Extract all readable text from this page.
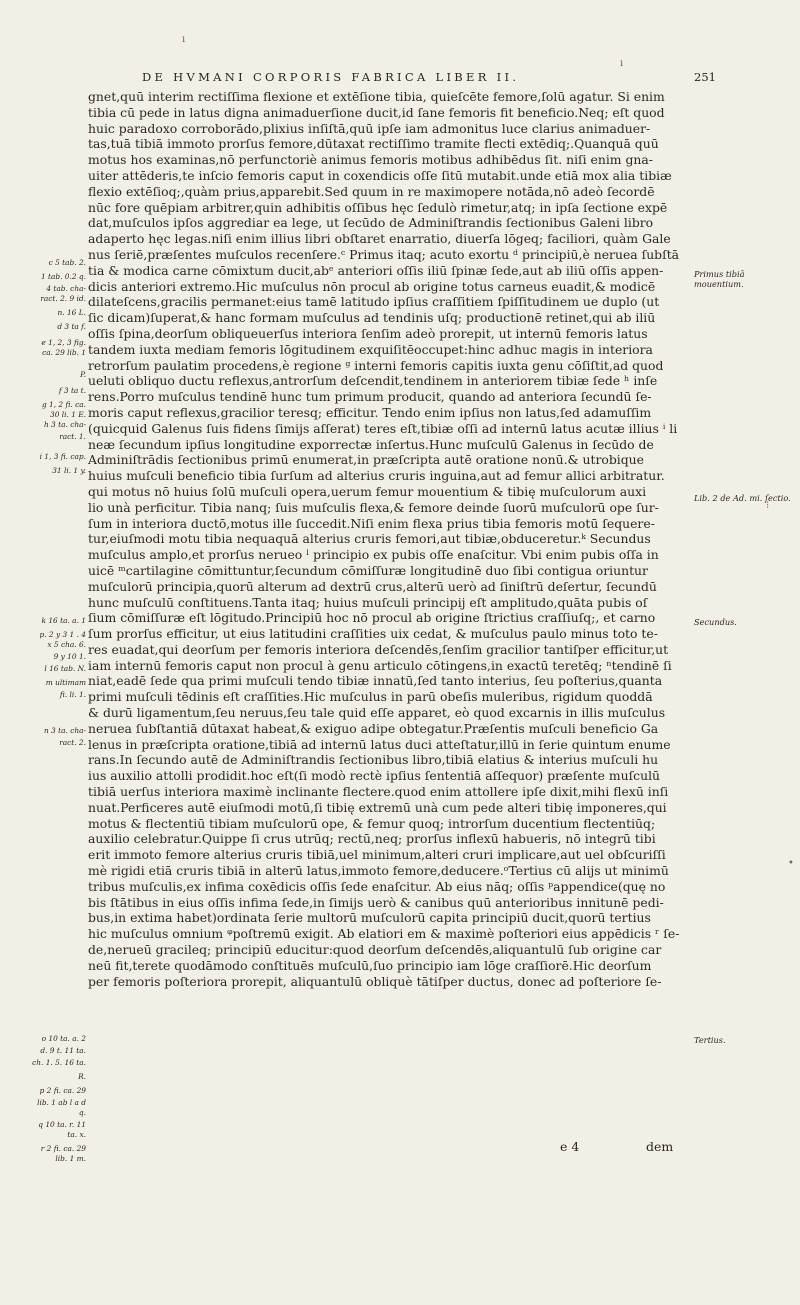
DE HVMANI CORPORIS FABRICA LIBER II.	251
ı
ı
gnet,quū interim rectiſſima flexione et extēſione tibia, quieſcēte femore,ſolū agatur. Si enim
tibia cū pede in latus digna animaduerſione ducit,id ſane femoris fit beneficio.Neq; eſt quod
huic paradoxo corroborādo,plixius inſiſtā,quū ipſe iam admonitus luce clarius animaduer-
tas,tuā tibiā immoto prorſus femore,dūtaxat rectiſſimo tramite flecti extēdiq;.Quanquā quū
motus hos examinas,nō perfunctoriè animus femoris motibus adhibēdus ſit. niſi enim gna-
uiter attēderis,te inſcio femoris caput in coxendicis oſſe ſitū mutabit.unde etiā mox alia tibiæ
flexio extēſioq;,quàm prius,apparebit.Sed quum in re maximopere notāda,nō adeò ſecordē
nūc fore quēpiam arbitrer,quin adhibitis oſſibus hęc ſedulò rimetur,atq; in ipſa ſectione expē
dat,muſculos ipſos aggrediar ea lege, ut ſecūdo de Adminiſtrandis ſectionibus Galeni libro
adaperto hęc legas.niſi enim illius libri obſtaret enarratio, diuerſa lōgeq; faciliori, quàm Gale
nus ſeriē,præſentes muſculos recenſere.ᶜ Primus itaq; acuto exortu ᵈ principiū,è neruea ſubſtā
tia & modica carne cōmixtum ducit,abᵉ anteriori oſſis iliū ſpinæ ſede,aut ab iliū oſſis appen-
dicis anteriori extremo.Hic muſculus nōn procul ab origine totus carneus euadit,& modicē
dilateſcens,gracilis permanet:eius tamē latitudo ipſius craſſitiem ſpiſſitudinem ue duplo (ut
ſic dicam)ſuperat,& hanc formam muſculus ad tendinis uſq; productionē retinet,qui ab iliū
oſſis ſpina,deorſum obliqueuerſus interiora ſenſim adeò prorepit, ut internū femoris latus
tandem iuxta mediam femoris lōgitudinem exquiſitēoccupet:hinc adhuc magis in interiora
retrorſum paulatim procedens,è regione ᵍ interni femoris capitis iuxta genu cōſiſtit,ad quod
ueluti obliquo ductu reflexus,antrorſum deſcendit,tendinem in anteriorem tibiæ ſede ʰ inſe
rens.Porro muſculus tendinē hunc tum primum producit, quando ad anteriora ſecundū ſe-
moris caput reflexus,gracilior teresq; efficitur. Tendo enim ipſius non latus,ſed adamuſſim
(quicquid Galenus ſuis fidens ſimijs aſſerat) teres eſt,tibiæ oſſi ad internū latus acutæ illius ⁱ li
neæ ſecundum ipſius longitudine exporrectæ inſertus.Hunc muſculū Galenus in ſecūdo de
Adminiſtrādis ſectionibus primū enumerat,in præſcripta autē oratione nonū.& utrobique
huius muſculi beneficio tibia ſurſum ad alterius cruris inguina,aut ad femur allici arbitratur.
qui motus nō huius ſolū muſculi opera,uerum femur mouentium & tibię muſculorum auxi
lio unà perficitur. Tibia nanq; ſuis muſculis flexa,& femore deinde ſuorū muſculorū ope ſur-
ſum in interiora ductō,motus ille ſuccedit.Niſi enim flexa prius tibia femoris motū ſequere-
tur,eiuſmodi motu tibia nequaquā alterius cruris femori,aut tibiæ,obduceretur.ᵏ Secundus
muſculus amplo,et prorſus nerueo ˡ principio ex pubis oſſe enaſcitur. Vbi enim pubis oſſa in
uicē ᵐcartilagine cōmittuntur,ſecundum cōmiſſuræ longitudinē duo ſibi contigua oriuntur
muſculorū principia,quorū alterum ad dextrū crus,alterū uerò ad ſiniſtrū deſertur, ſecundū
hunc muſculū conſtituens.Tanta itaq; huius muſculi principij eſt amplitudo,quāta pubis oſ
ſium cōmiſſuræ eſt lōgitudo.Principiū hoc nō procul ab origine ſtrictius craſſiuſq;, et carno
ſum prorſus efficitur, ut eius latitudini craſſities uix cedat, & muſculus paulo minus toto te-
res euadat,qui deorſum per femoris interiora deſcendēs,ſenſim gracilior tantiſper efficitur,ut
iam internū femoris caput non procul à genu articulo cōtingens,in exactū teretēq; ⁿtendinē ſi
niat,eadē ſede qua primi muſculi tendo tibiæ innatū,ſed tanto interius, ſeu poſterius,quanta
primi muſculi tēdinis eſt craſſities.Hic muſculus in parū obeſis muleribus, rigidum quoddā
& durū ligamentum,ſeu neruus,ſeu tale quid eſſe apparet, eò quod excarnis in illis muſculus
neruea ſubſtantiā dūtaxat habeat,& exiguo adipe obtegatur.Præſentis muſculi beneficio Ga
lenus in præſcripta oratione,tibiā ad internū latus duci atteſtatur,illū in ſerie quintum enume
rans.In ſecundo autē de Adminiſtrandis ſectionibus libro,tibiā elatius & interius muſculi hu
ius auxilio attolli prodidit.hoc eſt(ſi modò rectè ipſius ſententiā aſſequor) præſente muſculū
tibiā uerſus interiora maximè inclinante flectere.quod enim attollere ipſe dixit,mihi flexū inſi
nuat.Perficeres autē eiuſmodi motū,ſi tibię extremū unà cum pede alteri tibię imponeres,qui
motus & flectentiū tibiam muſculorū ope, & femur quoq; introrſum ducentium flectentiūq;
auxilio celebratur.Quippe ſi crus utrūq; rectū,neq; prorſus inflexū habueris, nō integrū tibi
erit immoto femore alterius cruris tibiā,uel minimum,alteri cruri implicare,aut uel obſcuriſſi
mè rigidi etiā cruris tibiā in alterū latus,immoto femore,deducere.ᵒTertius cū alijs ut minimū
tribus muſculis,ex infima coxēdicis oſſis ſede enaſcitur. Ab eius nāq; oſſis ᵖappendice(quę no
bis ſtātibus in eius oſſis infima ſede,in ſimijs uerò & canibus quū anterioribus innitunē pedi-
bus,in extima habet)ordinata ſerie multorū muſculorū capita principiū ducit,quorū tertius
hic muſculus omnium ᵠpoſtremū exigit. Ab elatiori em & maximè poſteriori eius appēdicis ʳ ſe-
de,nerueū gracileq; principiū educitur:quod deorſum deſcendēs,aliquantulū ſub origine car
neū fit,terete quodāmodo conſtituēs muſculū,ſuo principio iam lōge craſſiorē.Hic deorſum
per femoris poſteriora prorepit, aliquantulū obliquè tātiſper ductus, donec ad poſteriore ſe-
c 5 tab. 2.
1 tab. 0.2 q.
4 tab. cha-
ract. 2. 9 id.
n. 16 L.
d 3 ta f.
e 1, 2, 3 fig.
ca. 29 lib. 1
P.
f 3 ta t.
g 1, 2 fi. ca.
30 li. 1 E.
h 3 ta. cha-
ract. 1.
i 1, 3 fi. cap.
31 li. 1 y.
k 16 ta. a. 1
p. 2 y 3 1 . 4
x 5 cha. 6.
9 y 10 1.
l 16 tab. N.
m ultimam
fi. li. 1.
n 3 ta. cha-
ract. 2.
o 10 ta. a. 2
d. 9 t. 11 ta.
ch. 1. 5. 16 ta.
R.
p 2 fi. ca. 29
lib. 1 ab l a d
q.
q 10 ta. r. 11
ta. x.
r 2 fi. ca. 29
lib. 1 m.
Primus tibiā mouentium.
Lib. 2 de Ad. mi. ſectio.
Secundus.
Tertius.
⁝
•
e 4	dem
